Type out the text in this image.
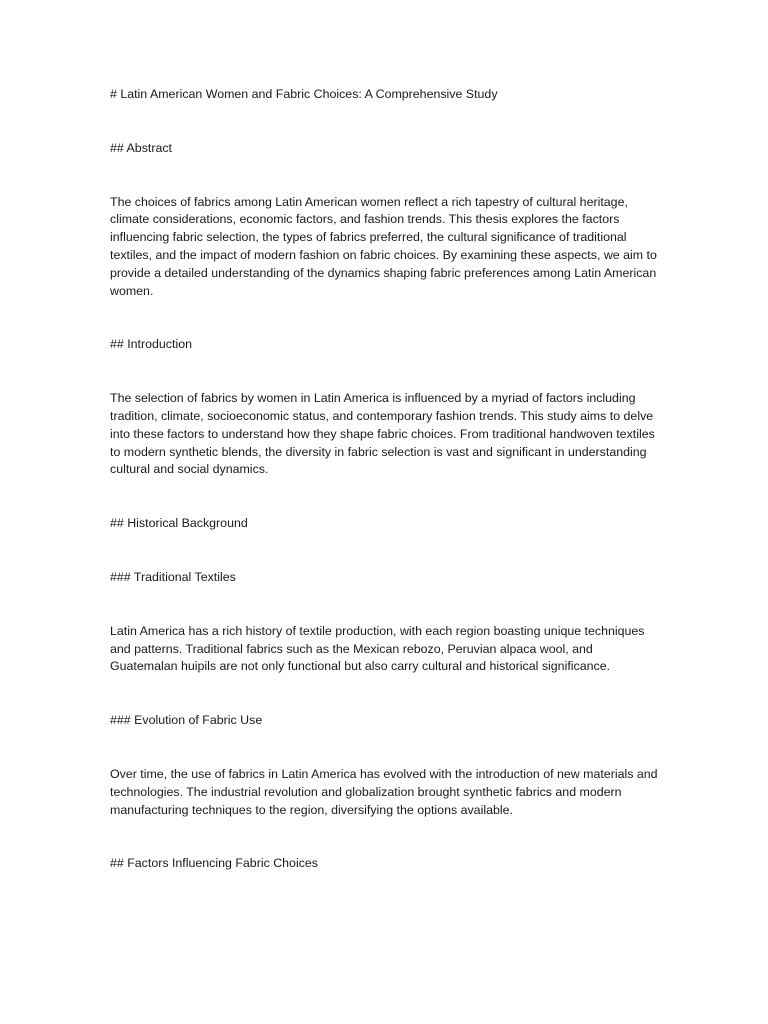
# Latin American Women and Fabric Choices: A Comprehensive Study

## Abstract

The choices of fabrics among Latin American women reflect a rich tapestry of cultural heritage, climate considerations, economic factors, and fashion trends. This thesis explores the factors influencing fabric selection, the types of fabrics preferred, the cultural significance of traditional textiles, and the impact of modern fashion on fabric choices. By examining these aspects, we aim to provide a detailed understanding of the dynamics shaping fabric preferences among Latin American women.

## Introduction

The selection of fabrics by women in Latin America is influenced by a myriad of factors including tradition, climate, socioeconomic status, and contemporary fashion trends. This study aims to delve into these factors to understand how they shape fabric choices. From traditional handwoven textiles to modern synthetic blends, the diversity in fabric selection is vast and significant in understanding cultural and social dynamics.

## Historical Background

### Traditional Textiles

Latin America has a rich history of textile production, with each region boasting unique techniques and patterns. Traditional fabrics such as the Mexican rebozo, Peruvian alpaca wool, and Guatemalan huipils are not only functional but also carry cultural and historical significance.

### Evolution of Fabric Use

Over time, the use of fabrics in Latin America has evolved with the introduction of new materials and technologies. The industrial revolution and globalization brought synthetic fabrics and modern manufacturing techniques to the region, diversifying the options available.

## Factors Influencing Fabric Choices
